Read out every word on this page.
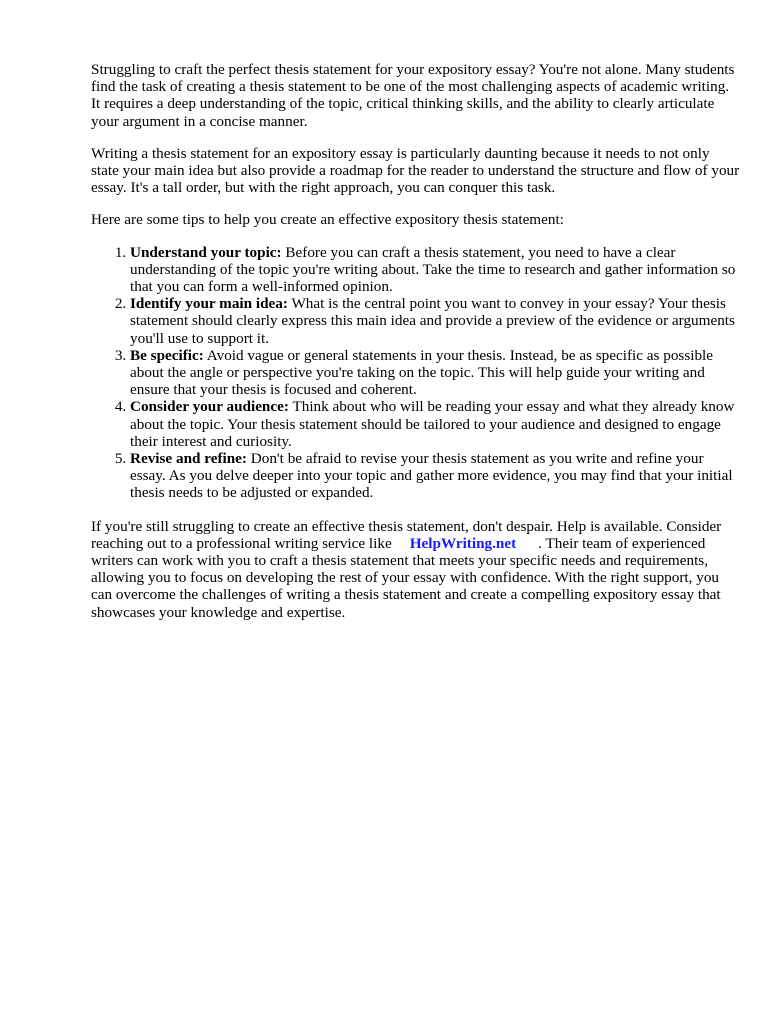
Struggling to craft the perfect thesis statement for your expository essay? You're not alone. Many students find the task of creating a thesis statement to be one of the most challenging aspects of academic writing. It requires a deep understanding of the topic, critical thinking skills, and the ability to clearly articulate your argument in a concise manner.

Writing a thesis statement for an expository essay is particularly daunting because it needs to not only state your main idea but also provide a roadmap for the reader to understand the structure and flow of your essay. It's a tall order, but with the right approach, you can conquer this task.

Here are some tips to help you create an effective expository thesis statement:

1. Understand your topic: Before you can craft a thesis statement, you need to have a clear understanding of the topic you're writing about. Take the time to research and gather information so that you can form a well-informed opinion.
2. Identify your main idea: What is the central point you want to convey in your essay? Your thesis statement should clearly express this main idea and provide a preview of the evidence or arguments you'll use to support it.
3. Be specific: Avoid vague or general statements in your thesis. Instead, be as specific as possible about the angle or perspective you're taking on the topic. This will help guide your writing and ensure that your thesis is focused and coherent.
4. Consider your audience: Think about who will be reading your essay and what they already know about the topic. Your thesis statement should be tailored to your audience and designed to engage their interest and curiosity.
5. Revise and refine: Don't be afraid to revise your thesis statement as you write and refine your essay. As you delve deeper into your topic and gather more evidence, you may find that your initial thesis needs to be adjusted or expanded.

If you're still struggling to create an effective thesis statement, don't despair. Help is available. Consider reaching out to a professional writing service like HelpWriting.net . Their team of experienced writers can work with you to craft a thesis statement that meets your specific needs and requirements, allowing you to focus on developing the rest of your essay with confidence. With the right support, you can overcome the challenges of writing a thesis statement and create a compelling expository essay that showcases your knowledge and expertise.
